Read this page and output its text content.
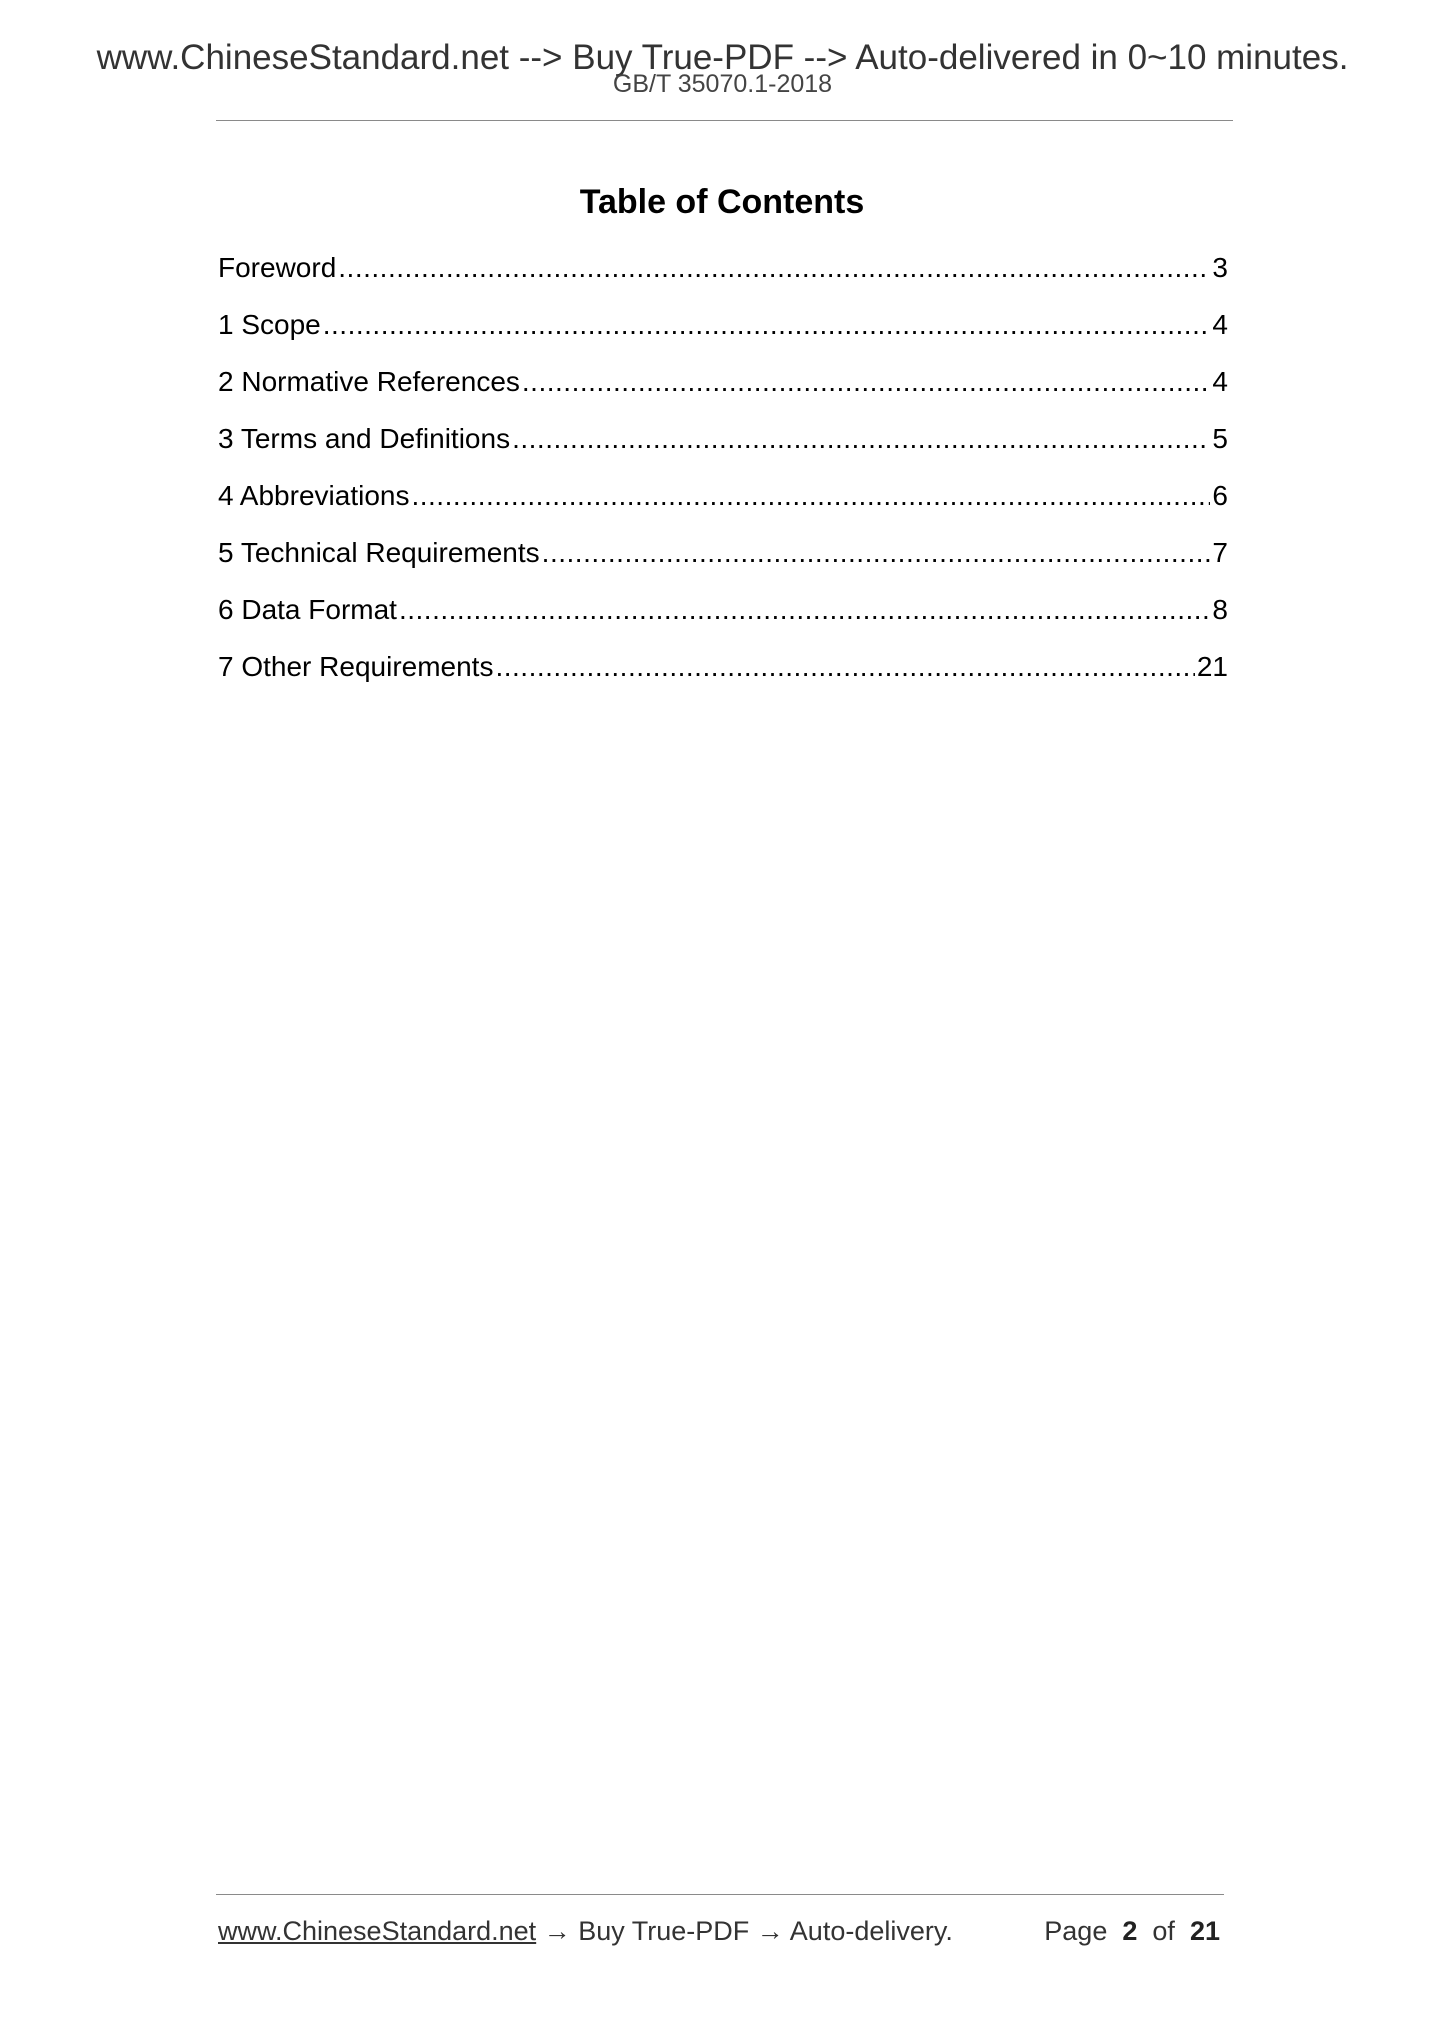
www.ChineseStandard.net --> Buy True-PDF --> Auto-delivered in 0~10 minutes.
GB/T 35070.1-2018
Table of Contents
Foreword .....	3
1 Scope .....	4
2 Normative References .....	4
3 Terms and Definitions .....	5
4 Abbreviations .....	6
5 Technical Requirements .....	7
6 Data Format .....	8
7 Other Requirements .....	21
www.ChineseStandard.net → Buy True-PDF → Auto-delivery.	Page 2 of 21
